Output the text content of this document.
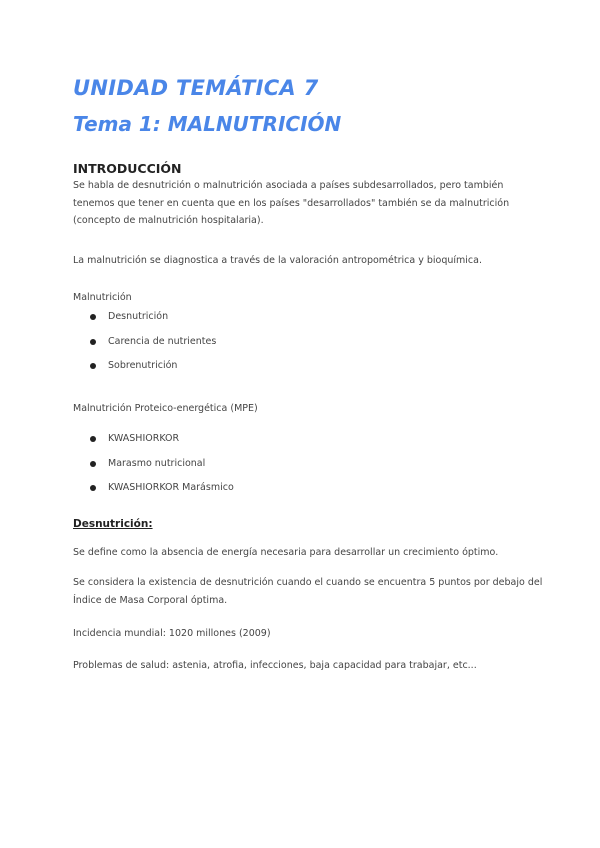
UNIDAD TEMÁTICA 7
Tema 1: MALNUTRICIÓN
INTRODUCCIÓN

Se habla de desnutrición o malnutrición asociada a países subdesarrollados, pero también tenemos que tener en cuenta que en los países "desarrollados" también se da malnutrición (concepto de malnutrición hospitalaria).

La malnutrición se diagnostica a través de la valoración antropométrica y bioquímica.

Malnutrición

Desnutrición
Carencia de nutrientes
Sobrenutrición

Malnutrición Proteico-energética (MPE)

KWASHIORKOR
Marasmo nutricional
KWASHIORKOR Marásmico
Desnutrición:

Se define como la absencia de energía necesaria para desarrollar un crecimiento óptimo.

Se considera la existencia de desnutrición cuando el cuando se encuentra 5 puntos por debajo del Índice de Masa Corporal óptima.

Incidencia mundial: 1020 millones (2009)

Problemas de salud: astenia, atrofia, infecciones, baja capacidad para trabajar, etc...
